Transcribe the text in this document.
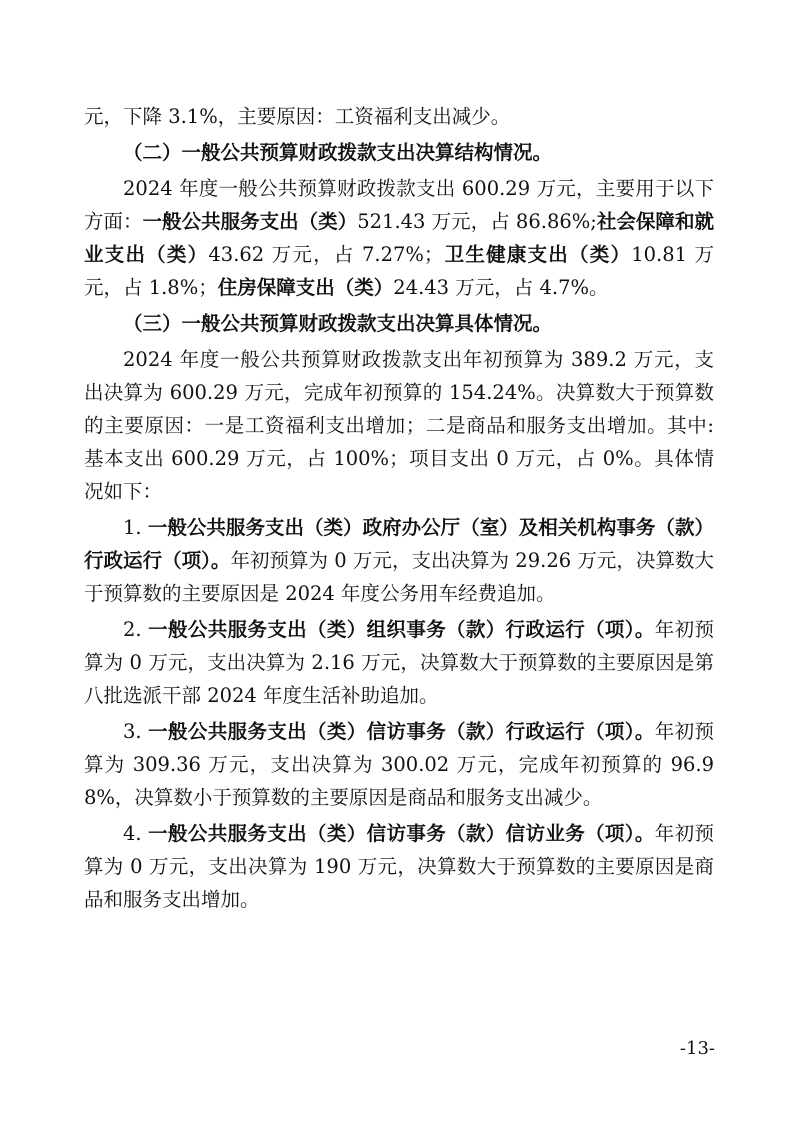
元，下降 3.1%，主要原因：工资福利支出减少。

（二）一般公共预算财政拨款支出决算结构情况。

2024 年度一般公共预算财政拨款支出 600.29 万元，主要用于以下方面：一般公共服务支出（类）521.43 万元，占 86.86%;社会保障和就业支出（类）43.62 万元，占 7.27%；卫生健康支出（类）10.81 万元，占 1.8%；住房保障支出（类）24.43 万元，占 4.7%。

（三）一般公共预算财政拨款支出决算具体情况。

2024 年度一般公共预算财政拨款支出年初预算为 389.2 万元，支出决算为 600.29 万元，完成年初预算的 154.24%。决算数大于预算数的主要原因：一是工资福利支出增加；二是商品和服务支出增加。其中:基本支出 600.29 万元，占 100%；项目支出 0 万元，占 0%。具体情况如下：

1. 一般公共服务支出（类）政府办公厅（室）及相关机构事务（款）行政运行（项）。年初预算为 0 万元，支出决算为 29.26 万元，决算数大于预算数的主要原因是 2024 年度公务用车经费追加。

2. 一般公共服务支出（类）组织事务（款）行政运行（项）。年初预算为 0 万元，支出决算为 2.16 万元，决算数大于预算数的主要原因是第八批选派干部 2024 年度生活补助追加。

3. 一般公共服务支出（类）信访事务（款）行政运行（项）。年初预算为 309.36 万元，支出决算为 300.02 万元，完成年初预算的 96.98%，决算数小于预算数的主要原因是商品和服务支出减少。

4. 一般公共服务支出（类）信访事务（款）信访业务（项）。年初预算为 0 万元，支出决算为 190 万元，决算数大于预算数的主要原因是商品和服务支出增加。

-13-
